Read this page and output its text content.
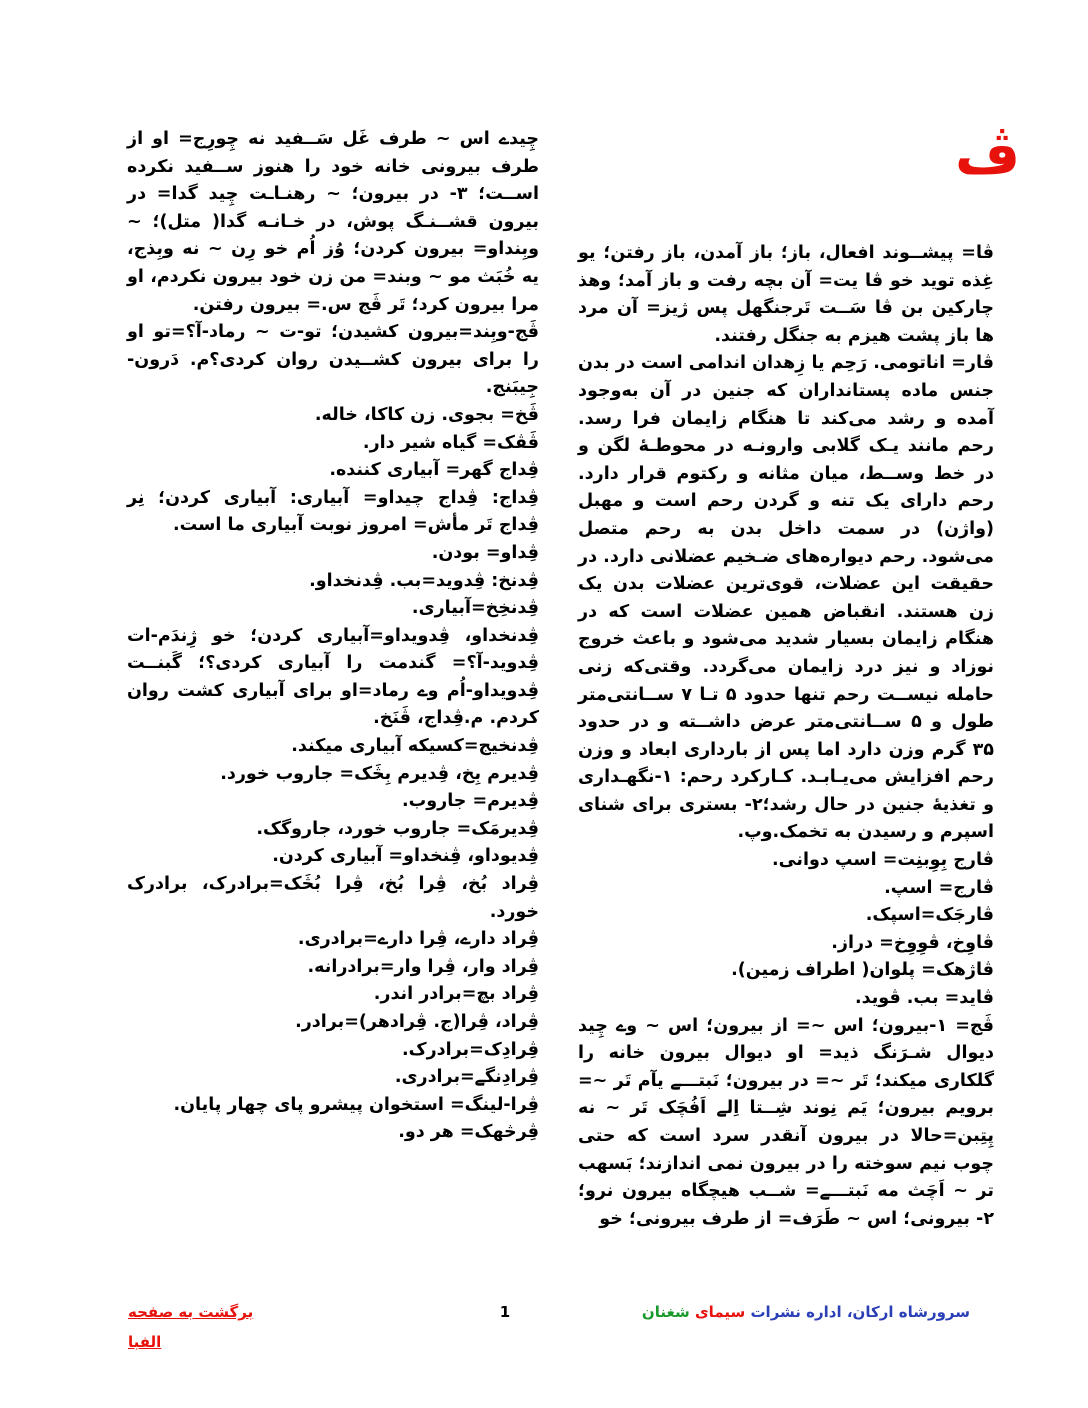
ڤ

ڤا= پیشــوند افعال، باز؛ باز آمدن، باز رفتن؛ یو غِذه توید خو ڤا یت= آن بچه رفت و باز آمد؛ وهذ چارکین بن ڤا سَــت تَرجنگهل پس ژیز= آن مرد ها باز پشت هیزم به جنگل رفتند.

ڤار= اناتومی. رَحِم یا زِهدان اندامی است در بدن جنس ماده پستانداران که جنین در آن به‌وجود آمده و رشد می‌کند تا هنگام زایمان فرا رسد. رحم مانند یـک گلابی وارونـه در محوطـۀ لگن و در خط وســط، میان مثانه و رکتوم قرار دارد. رحم دارای یک تنه و گردن رحم است و مهبل (واژن) در سمت داخل بدن به رحم متصل می‌شود. رحم دیواره‌های ضـخیم عضلانی دارد. در حقیقت این عضلات، قوی‌ترین عضلات بدن یک زن هستند. انقباض همین عضلات است که در هنگام زایمان بسیار شدید می‌شود و باعث خروج نوزاد و نیز درد زایمان می‌گردد. وقتی‌که زنی حامله نیســت رحم تنها حدود ۵ تـا ۷ ســانتی‌متر طول و ۵ ســانتی‌متر عرض داشــته و در حدود ۳۵ گرم وزن دارد اما پس از بارداری ابعاد و وزن رحم افزایش می‌یـابـد. کـارکرد رحم: ۱-نگهـداری و تغذیهٔ جنین در حال رشد؛۲- بستری برای شنای اسپرم و رسیدن به تخمک.وپ.

ڤارج بِوِبنِت= اسپ دوانی.

ڤارج= اسپ.

ڤارجَک=اسپک.

ڤاوِخ، ڤوِوِخ= دراز.

ڤاژهک= پلوان( اطراف زمین).

ڤاید= بب. ڤوید.

ڤَج= ۱-بیرون؛ اس ~= از بیرون؛ اس ~ وے چِید دیوال شـرَنگ ذید= او دیوال بیرون خانه را گلکاری میکند؛ تَر ~= در بیرون؛ نَبتـــے یآم تَر ~= برویم بیرون؛ یَم نِوند شِــتا اِلے اَفُچَک تَر ~ نه پِتِبن=حالا در بیرون آنقدر سرد است که حتی چوب نیم سوخته را در بیرون نمی اندازند؛ بَسهب تر ~ اَچَث مه نَبتـــے= شــب هیچگاه بیرون نرو؛ ۲- بیرونی؛ اس ~ طَرَف= از طرف بیرونی؛ خو

چِیدے اس ~ طرف غَل سَــفید نه چِورِج= او از طرف بیرونی خانه خود را هنوز ســفید نکرده اســت؛ ۳- در بیرون؛ ~ رهنـاـت چِید گدا= در بیرون قشــنـگ پوش، در خـانـه گدا( متل)؛ ~ وبِنداو= بیرون کردن؛ وُز اُم خو رِن ~ نه وبِذج، یه خُبَث مو ~ وبند= من زن خود بیرون نکردم، او مرا بیرون کرد؛ تَر ڤَج س.= بیرون رفتن.

ڤَج-وبِند=بیرون کشیدن؛ تو-ت ~ رماد-آ؟=تو او را برای بیرون کشــیدن روان کردی؟م. دَرون-جِیبَنج.

ڤَخ= بجوی. زن کاکا، خاله.

ڤَڤک= گیاه شیر دار.

ڤِداج گهر= آبیاری کننده.

ڤِداج: ڤِداج چیداو= آبیاری: آبیاری کردن؛ نِر ڤِداج تَر مأش= امروز نوبت آبیاری ما است.

ڤِداو= بودن.

ڤِدنخ: ڤِدوید=بب. ڤِدنخداو.

ڤِدنخِخ=آبیاری.

ڤِدنخداو، ڤِدویداو=آبیاری کردن؛ خو ژِندَم-ات ڤِدوید-آ؟= گندمت را آبیاری کردی؟؛ گَبنــت ڤِدویداو-اُم وے رماد=او برای آبیاری کشت روان کردم. م.ڤِداج، ڤَنَخ.

ڤِدنخیج=کسیکه آبیاری میکند.

ڤِدیرم بِخ، ڤِدیرم بِڅَک= جاروب خورد.

ڤِدیرم= جاروب.

ڤِدیرمَک= جاروب خورد، جاروگک.

ڤِدیوداو، ڤِنخداو= آبیاری کردن.

ڤِراد بُخ، ڤِرا بُخ، ڤِرا بُڅَک=برادرک، برادرک خورد.

ڤِراد دارے، ڤِرا دارے=برادری.

ڤِراد وار، ڤِرا وار=برادرانه.

ڤِراد بچ=برادر اندر.

ڤِراد، ڤِرا(ج. ڤِرادهر)=برادر.

ڤِرادِک=برادرک.

ڤِرادِنگے=برادری.

ڤِرا-لینگ= استخوان پیشرو پای چهار پایان.

ڤِرڅهک= هر دو.

برگشت به صفحه الفبا
1	سرورشاه ارکان، اداره نشرات سیمای شغنان
